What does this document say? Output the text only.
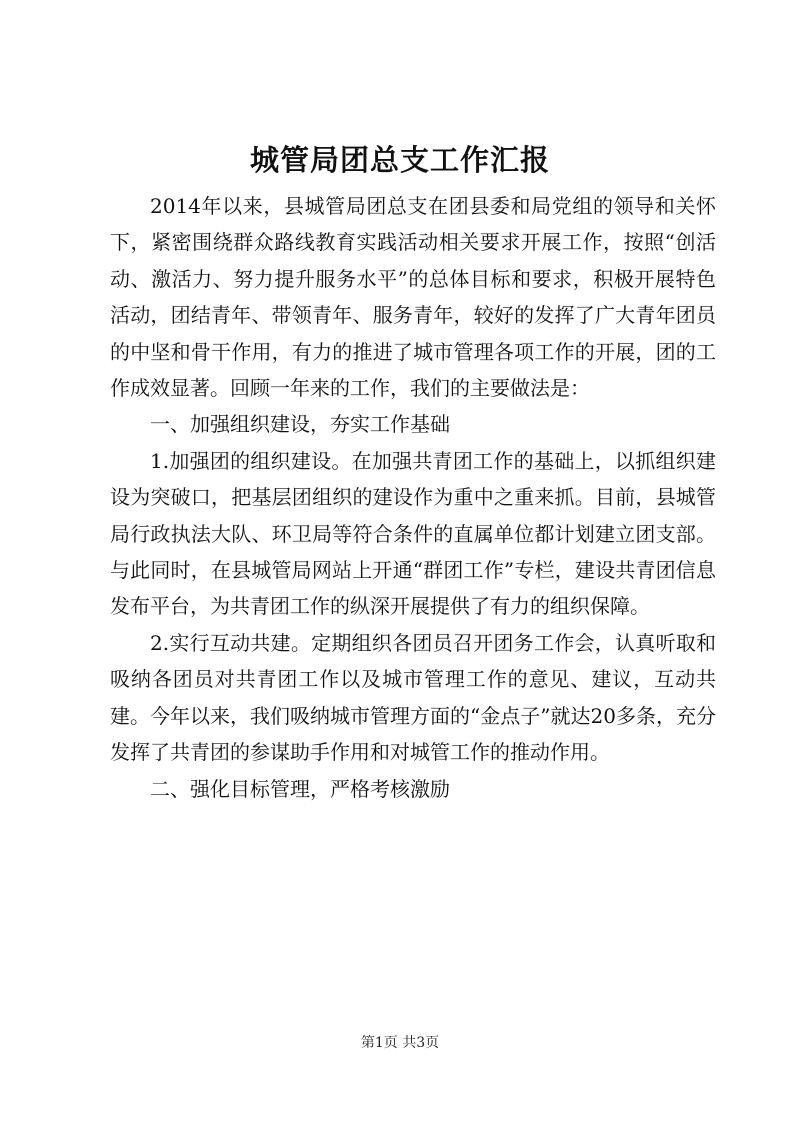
城管局团总支工作汇报

2014年以来，县城管局团总支在团县委和局党组的领导和关怀下，紧密围绕群众路线教育实践活动相关要求开展工作，按照“创活动、激活力、努力提升服务水平”的总体目标和要求，积极开展特色活动，团结青年、带领青年、服务青年，较好的发挥了广大青年团员的中坚和骨干作用，有力的推进了城市管理各项工作的开展，团的工作成效显著。回顾一年来的工作，我们的主要做法是：

一、加强组织建设，夯实工作基础

1.加强团的组织建设。在加强共青团工作的基础上，以抓组织建设为突破口，把基层团组织的建设作为重中之重来抓。目前，县城管局行政执法大队、环卫局等符合条件的直属单位都计划建立团支部。与此同时，在县城管局网站上开通“群团工作”专栏，建设共青团信息发布平台，为共青团工作的纵深开展提供了有力的组织保障。

2.实行互动共建。定期组织各团员召开团务工作会，认真听取和吸纳各团员对共青团工作以及城市管理工作的意见、建议，互动共建。今年以来，我们吸纳城市管理方面的“金点子”就达20多条，充分发挥了共青团的参谋助手作用和对城管工作的推动作用。

二、强化目标管理，严格考核激励

第1页 共3页
